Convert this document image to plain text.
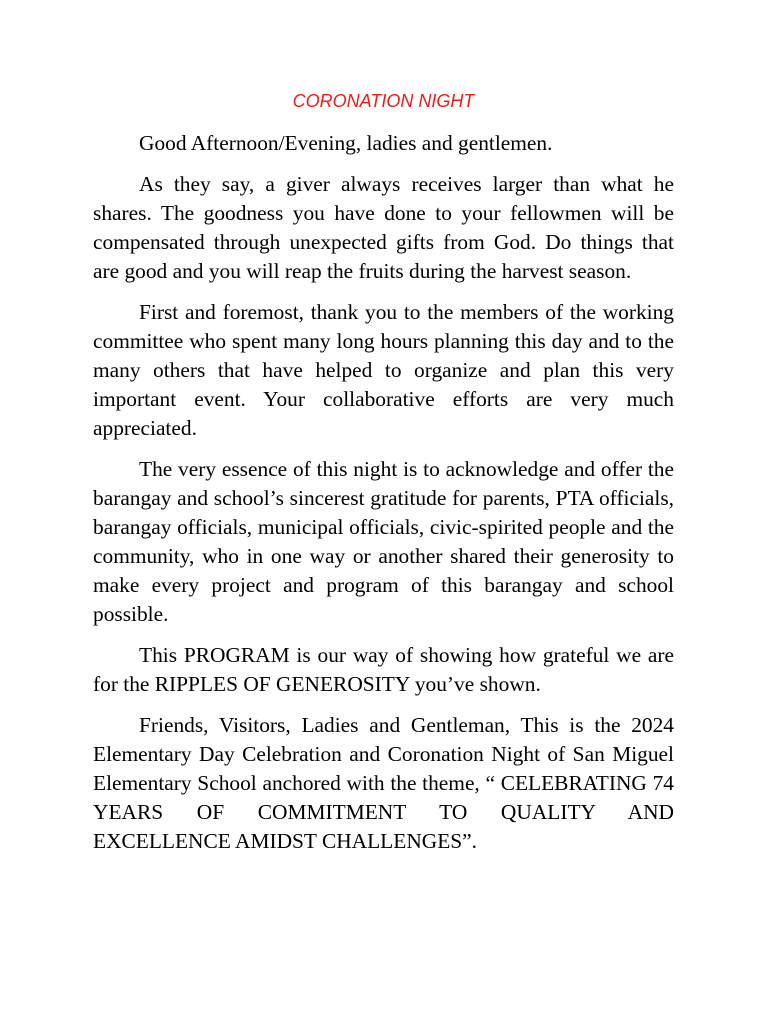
CORONATION NIGHT

Good Afternoon/Evening, ladies and gentlemen.

As they say, a giver always receives larger than what he shares. The goodness you have done to your fellowmen will be compensated through unexpected gifts from God. Do things that are good and you will reap the fruits during the harvest season.

First and foremost, thank you to the members of the working committee who spent many long hours planning this day and to the many others that have helped to organize and plan this very important event. Your collaborative efforts are very much appreciated.

The very essence of this night is to acknowledge and offer the barangay and school’s sincerest gratitude for parents, PTA officials, barangay officials, municipal officials, civic-spirited people and the community, who in one way or another shared their generosity to make every project and program of this barangay and school possible.

This PROGRAM is our way of showing how grateful we are for the RIPPLES OF GENEROSITY you’ve shown.

Friends, Visitors, Ladies and Gentleman, This is the 2024 Elementary Day Celebration and Coronation Night of San Miguel Elementary School anchored with the theme, “ CELEBRATING 74 YEARS OF COMMITMENT TO QUALITY AND EXCELLENCE AMIDST CHALLENGES”.
